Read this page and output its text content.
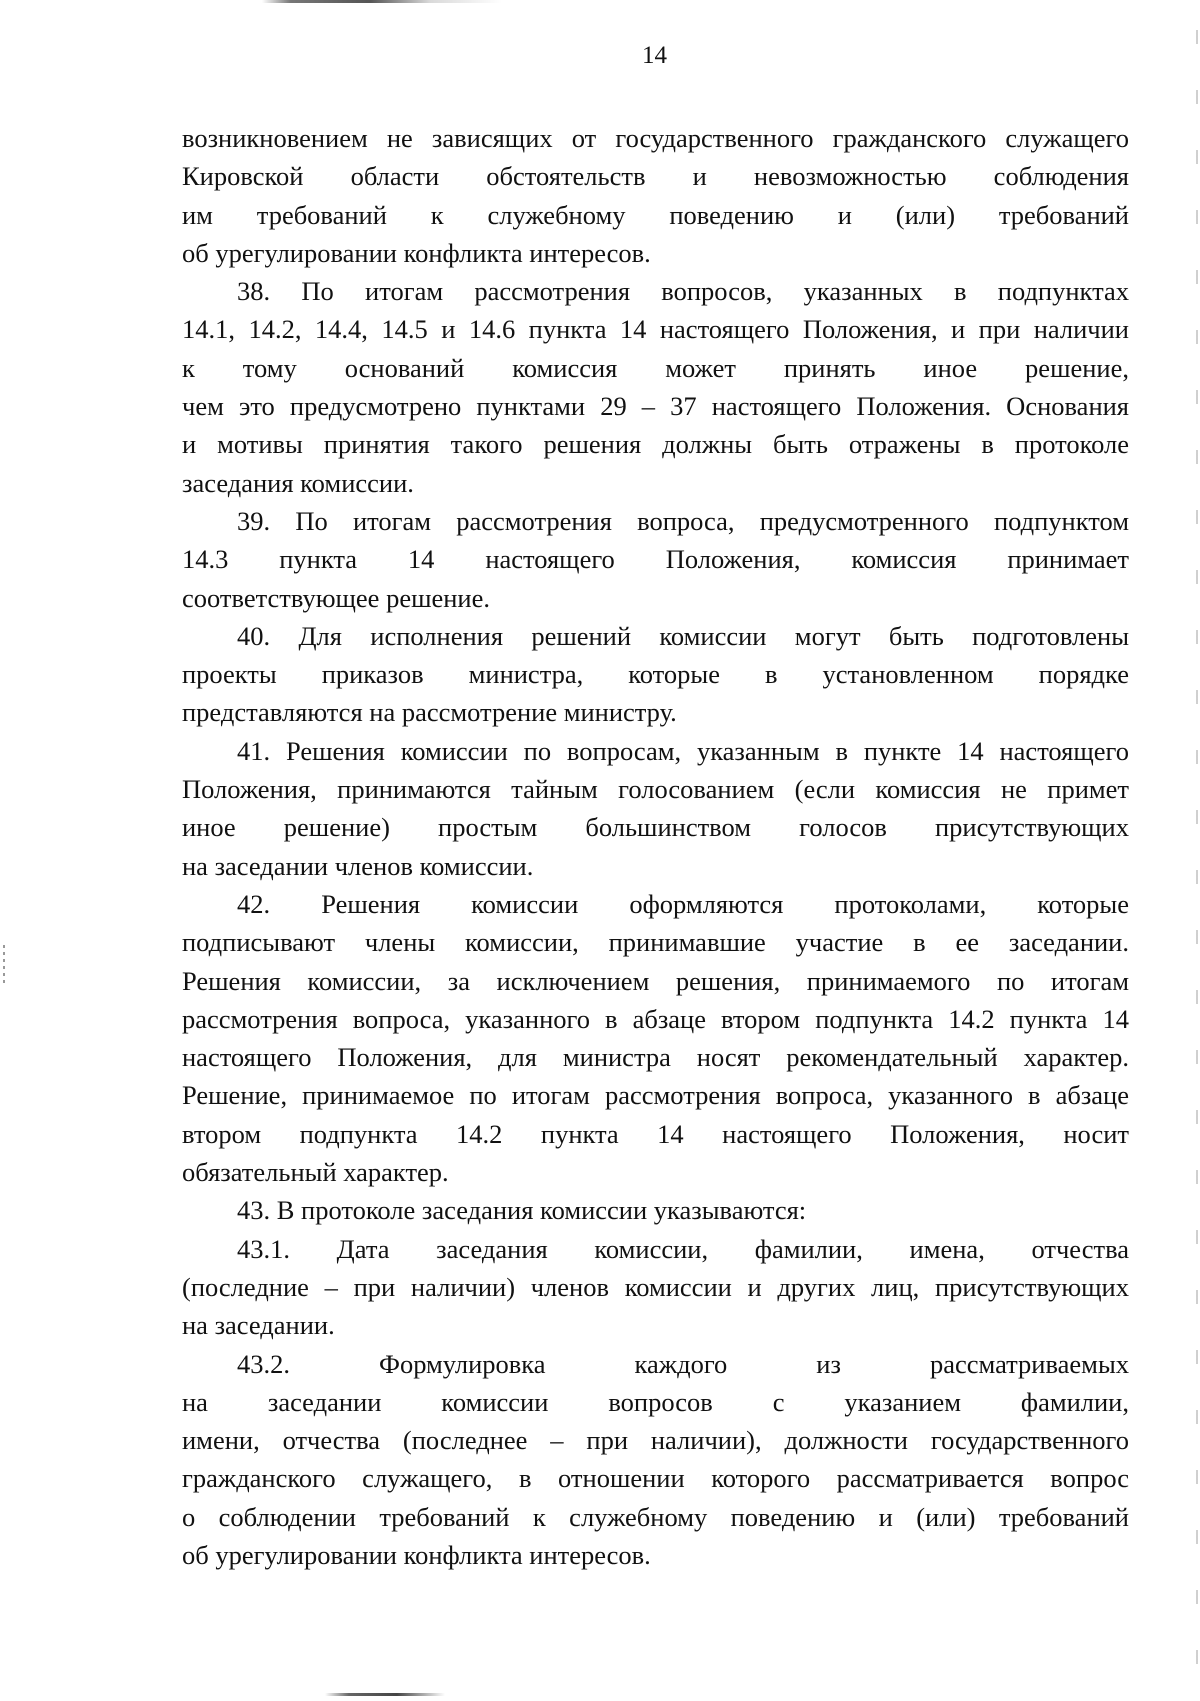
14
возникновением не зависящих от государственного гражданского служащего
Кировской области обстоятельств и невозможностью соблюдения
им требований к служебному поведению и (или) требований
об урегулировании конфликта интересов.
38. По итогам рассмотрения вопросов, указанных в подпунктах
14.1, 14.2, 14.4, 14.5 и 14.6 пункта 14 настоящего Положения, и при наличии
к тому оснований комиссия может принять иное решение,
чем это предусмотрено пунктами 29 – 37 настоящего Положения. Основания
и мотивы принятия такого решения должны быть отражены в протоколе
заседания комиссии.
39. По итогам рассмотрения вопроса, предусмотренного подпунктом
14.3 пункта 14 настоящего Положения, комиссия принимает
соответствующее решение.
40. Для исполнения решений комиссии могут быть подготовлены
проекты приказов министра, которые в установленном порядке
представляются на рассмотрение министру.
41. Решения комиссии по вопросам, указанным в пункте 14 настоящего
Положения, принимаются тайным голосованием (если комиссия не примет
иное решение) простым большинством голосов присутствующих
на заседании членов комиссии.
42. Решения комиссии оформляются протоколами, которые
подписывают члены комиссии, принимавшие участие в ее заседании.
Решения комиссии, за исключением решения, принимаемого по итогам
рассмотрения вопроса, указанного в абзаце втором подпункта 14.2 пункта 14
настоящего Положения, для министра носят рекомендательный характер.
Решение, принимаемое по итогам рассмотрения вопроса, указанного в абзаце
втором подпункта 14.2 пункта 14 настоящего Положения, носит
обязательный характер.
43. В протоколе заседания комиссии указываются:
43.1. Дата заседания комиссии, фамилии, имена, отчества
(последние – при наличии) членов комиссии и других лиц, присутствующих
на заседании.
43.2. Формулировка каждого из рассматриваемых
на заседании комиссии вопросов с указанием фамилии,
имени, отчества (последнее – при наличии), должности государственного
гражданского служащего, в отношении которого рассматривается вопрос
о соблюдении требований к служебному поведению и (или) требований
об урегулировании конфликта интересов.
